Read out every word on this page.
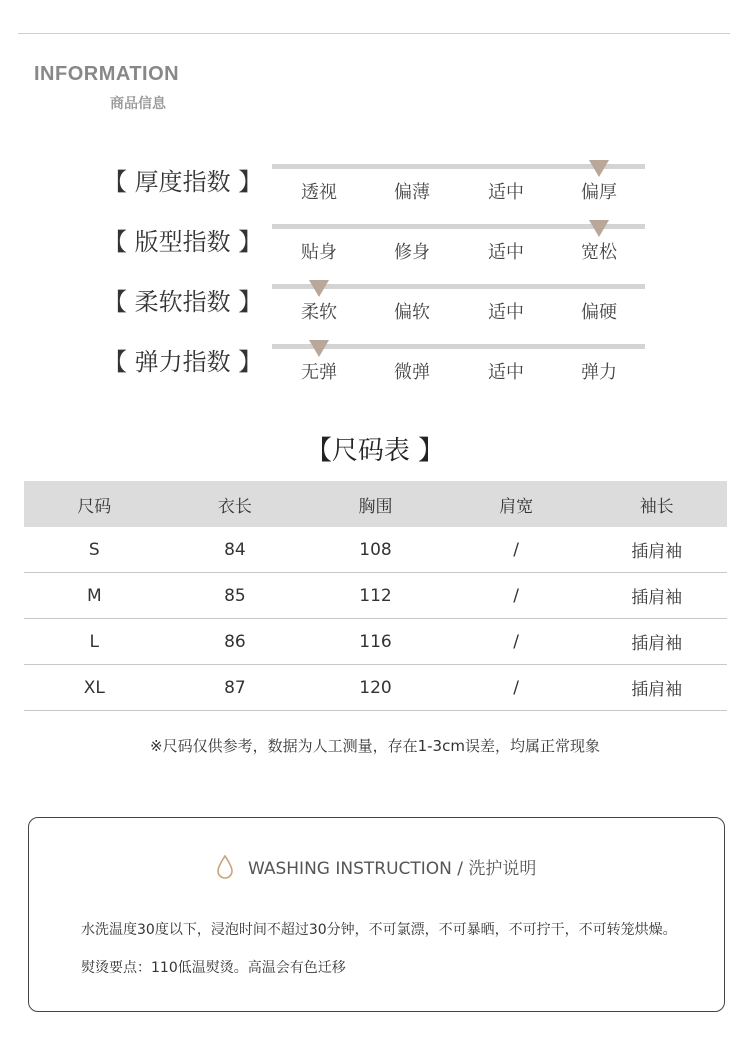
INFORMATION
商品信息
【 厚度指数 】 透视	偏薄	适中	偏厚
【 版型指数 】 贴身	修身	适中	宽松
【 柔软指数 】 柔软	偏软	适中	偏硬
【 弹力指数 】 无弹	微弹	适中	弹力
【尺码表 】
尺码	衣长	胸围	肩宽	袖长
S	84	108	/	插肩袖
M	85	112	/	插肩袖
L	86	116	/	插肩袖
XL	87	120	/	插肩袖
※尺码仅供参考，数据为人工测量，存在1-3cm误差，均属正常现象
WASHING INSTRUCTION / 洗护说明
水洗温度30度以下，浸泡时间不超过30分钟，不可氯漂，不可暴晒，不可拧干，不可转笼烘燥。
熨烫要点：110低温熨烫。高温会有色迁移
